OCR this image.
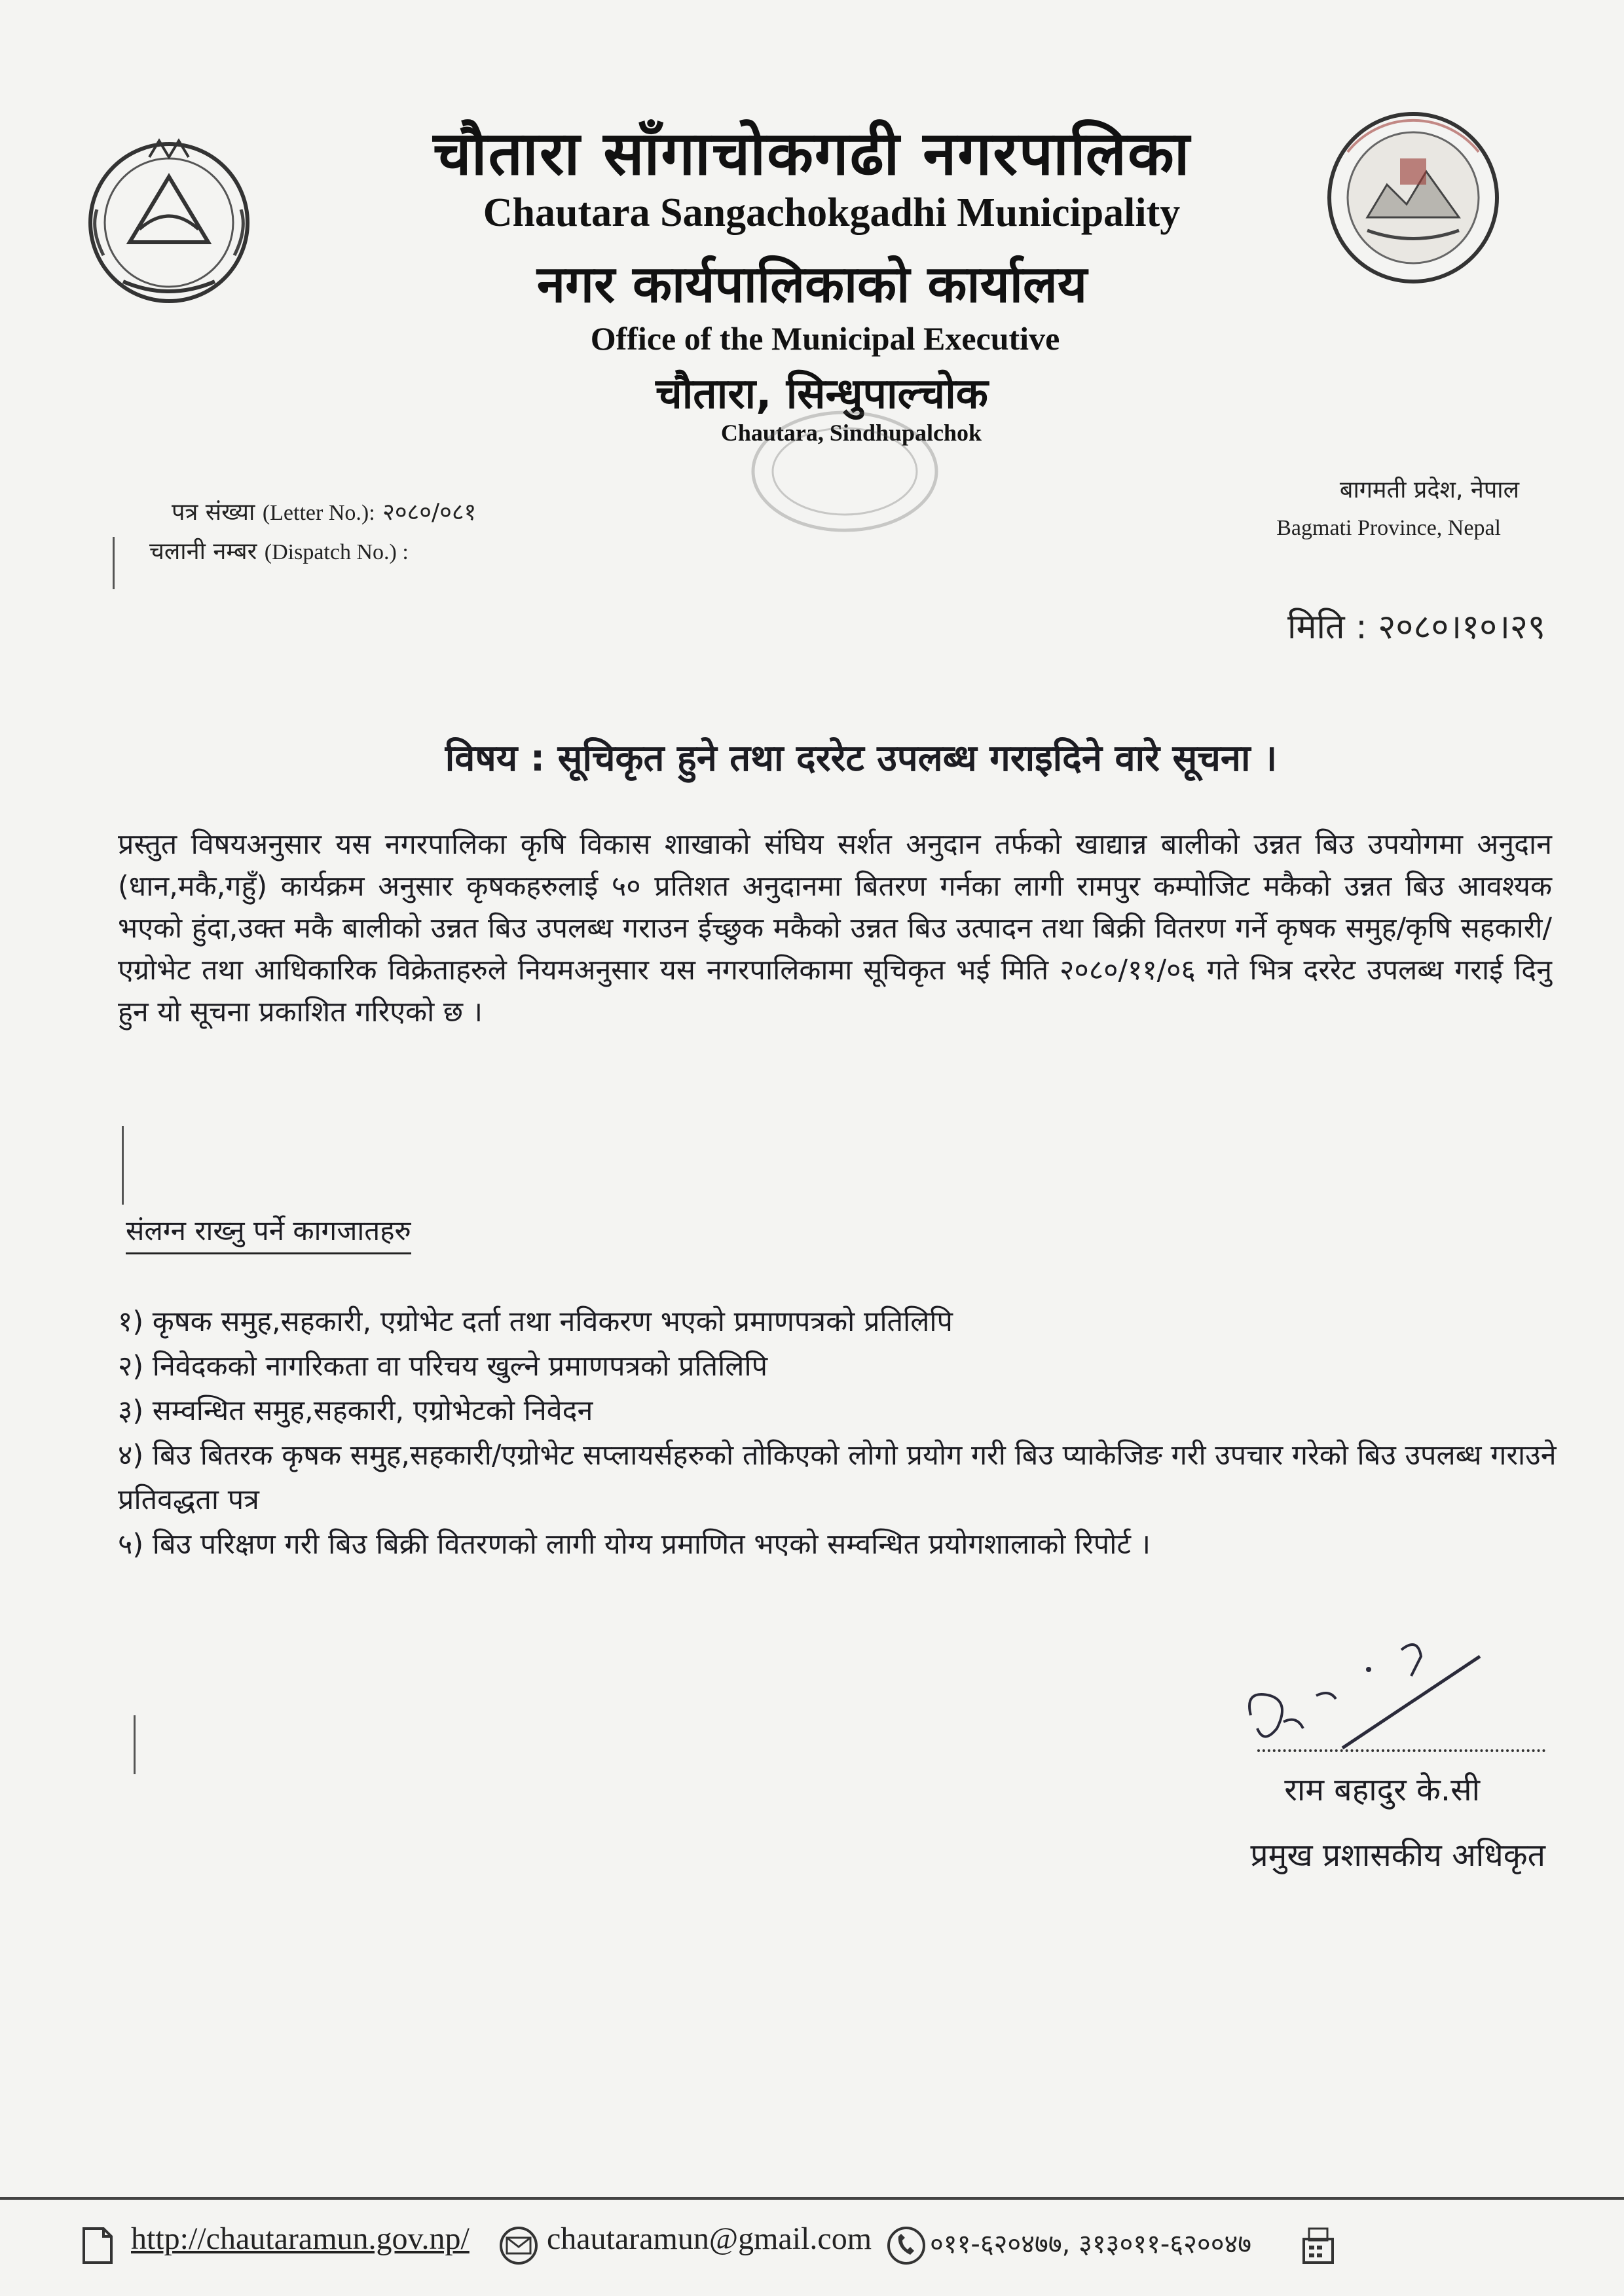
चौतारा साँगाचोकगढी नगरपालिका
Chautara Sangachokgadhi Municipality
नगर कार्यपालिकाको कार्यालय
Office of the Municipal Executive
चौतारा, सिन्धुपाल्चोक
Chautara, Sindhupalchok
पत्र संख्या (Letter No.): २०८०/०८१
चलानी नम्बर (Dispatch No.) :
बागमती प्रदेश, नेपाल
Bagmati Province, Nepal
मिति : २०८०।१०।२९
विषय : सूचिकृत हुने तथा दररेट उपलब्ध गराइदिने वारे सूचना ।
प्रस्तुत विषयअनुसार यस नगरपालिका कृषि विकास शाखाको संघिय सर्शत अनुदान तर्फको खाद्यान्न बालीको उन्नत बिउ उपयोगमा अनुदान (धान,मकै,गहुँ) कार्यक्रम अनुसार कृषकहरुलाई ५० प्रतिशत अनुदानमा बितरण गर्नका लागी रामपुर कम्पोजिट मकैको उन्नत बिउ आवश्यक भएको हुंदा,उक्त मकै बालीको उन्नत बिउ उपलब्ध गराउन ईच्छुक मकैको उन्नत बिउ उत्पादन तथा बिक्री वितरण गर्ने कृषक समुह/कृषि सहकारी/एग्रोभेट तथा आधिकारिक विक्रेताहरुले नियमअनुसार यस नगरपालिकामा सूचिकृत भई मिति २०८०/११/०६ गते भित्र दररेट उपलब्ध गराई दिनु हुन यो सूचना प्रकाशित गरिएको छ ।
संलग्न राख्नु पर्ने कागजातहरु
१) कृषक समुह,सहकारी, एग्रोभेट दर्ता तथा नविकरण भएको प्रमाणपत्रको प्रतिलिपि
२) निवेदकको नागरिकता वा परिचय खुल्ने प्रमाणपत्रको प्रतिलिपि
३) सम्वन्धित समुह,सहकारी, एग्रोभेटको निवेदन
४) बिउ बितरक कृषक समुह,सहकारी/एग्रोभेट सप्लायर्सहरुको तोकिएको लोगो प्रयोग गरी बिउ प्याकेजिङ गरी उपचार गरेको बिउ उपलब्ध गराउने प्रतिवद्धता पत्र
५) बिउ परिक्षण गरी बिउ बिक्री वितरणको लागी योग्य प्रमाणित भएको सम्वन्धित प्रयोगशालाको रिपोर्ट ।
राम बहादुर के.सी
प्रमुख प्रशासकीय अधिकृत
http://chautaramun.gov.np/ chautaramun@gmail.com ०११-६२०४७७, ३१३०११-६२००४७
